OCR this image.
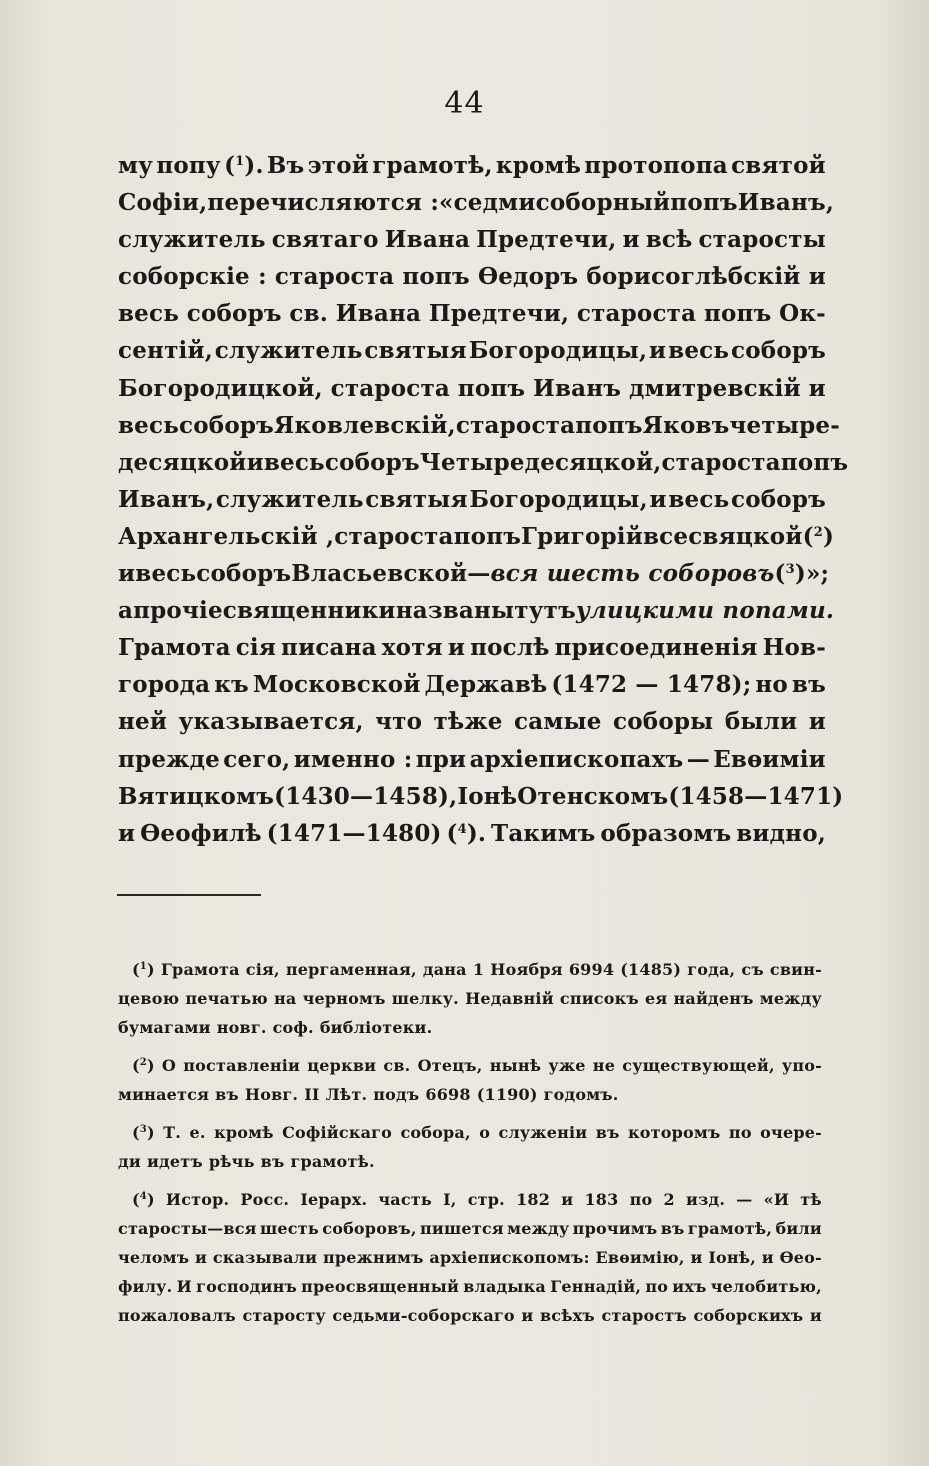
44
му попу ($^1$). Въ этой грамотѣ, кромѣ протопопа святой
Софіи, перечисляются : «седмисоборный попъ Иванъ,
служитель святаго Ивана Предтечи, и всѣ старосты
соборскіе : староста попъ Өедоръ борисоглѣбскій и
весь соборъ св. Ивана Предтечи, староста попъ Ок-
сентій, служитель святыя Богородицы, и весь соборъ
Богородицкой, староста попъ Иванъ дмитревскій и
весь соборъ Яковлевскій, староста попъ Яковъ четыре-
десяцкой и весь соборъ Четыредесяцкой, староста попъ
Иванъ, служитель святыя Богородицы, и весь соборъ
Архангельскій , староста попъ Григорій всесвяцкой ($^2$)
и весь соборъ Власьевской — вся шесть соборовъ ($^3$)»;
а прочіе священники названы тутъ улицкими попами.
Грамота сія писана хотя и послѣ присоединенія Нов-
города къ Московской Державѣ (1472 — 1478); но въ
ней указывается, что тѣже самые соборы были и
прежде сего, именно : при архіепископахъ — Евѳиміи
Вятицкомъ (1430—1458), Іонѣ Отенскомъ (1458—1471)
и Өеофилѣ (1471—1480) ($^4$). Такимъ образомъ видно,
($^1$) Грамота сія, пергаменная, дана 1 Ноября 6994 (1485) года, съ свин-
цевою печатью на черномъ шелку. Недавній списокъ ея найденъ между
бумагами новг. соф. библіотеки.
($^2$) О поставленіи церкви св. Отецъ, нынѣ уже не существующей, упо-
минается въ Новг. II Лѣт. подъ 6698 (1190) годомъ.
($^3$) Т. е. кромѣ Софійскаго собора, о служеніи въ которомъ по очере-
ди идетъ рѣчь въ грамотѣ.
($^4$) Истор. Росс. Іерарх. часть I, стр. 182 и 183 по 2 изд. — «И тѣ
старосты—вся шесть соборовъ, пишется между прочимъ въ грамотѣ, били
челомъ и сказывали прежнимъ архіепископомъ: Евѳимію, и Іонѣ, и Өео-
филу. И господинъ преосвященный владыка Геннадій, по ихъ челобитью,
пожаловалъ старосту седьми-соборскаго и всѣхъ старостъ соборскихъ и
